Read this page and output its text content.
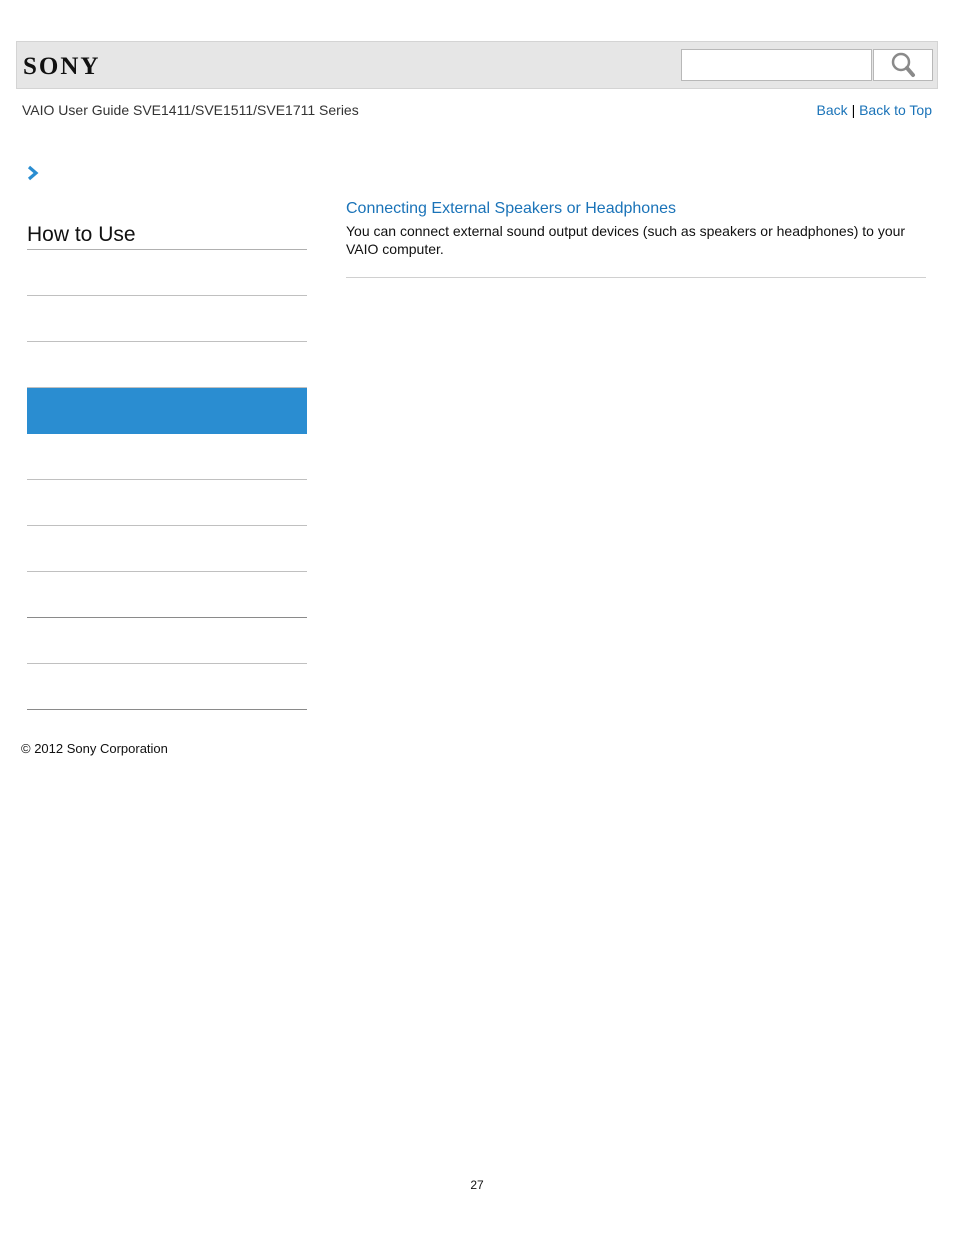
SONY
VAIO User Guide SVE1411/SVE1511/SVE1711 Series	Back | Back to Top
How to Use
Connecting External Speakers or Headphones
You can connect external sound output devices (such as speakers or headphones) to your VAIO computer.
© 2012 Sony Corporation
27
